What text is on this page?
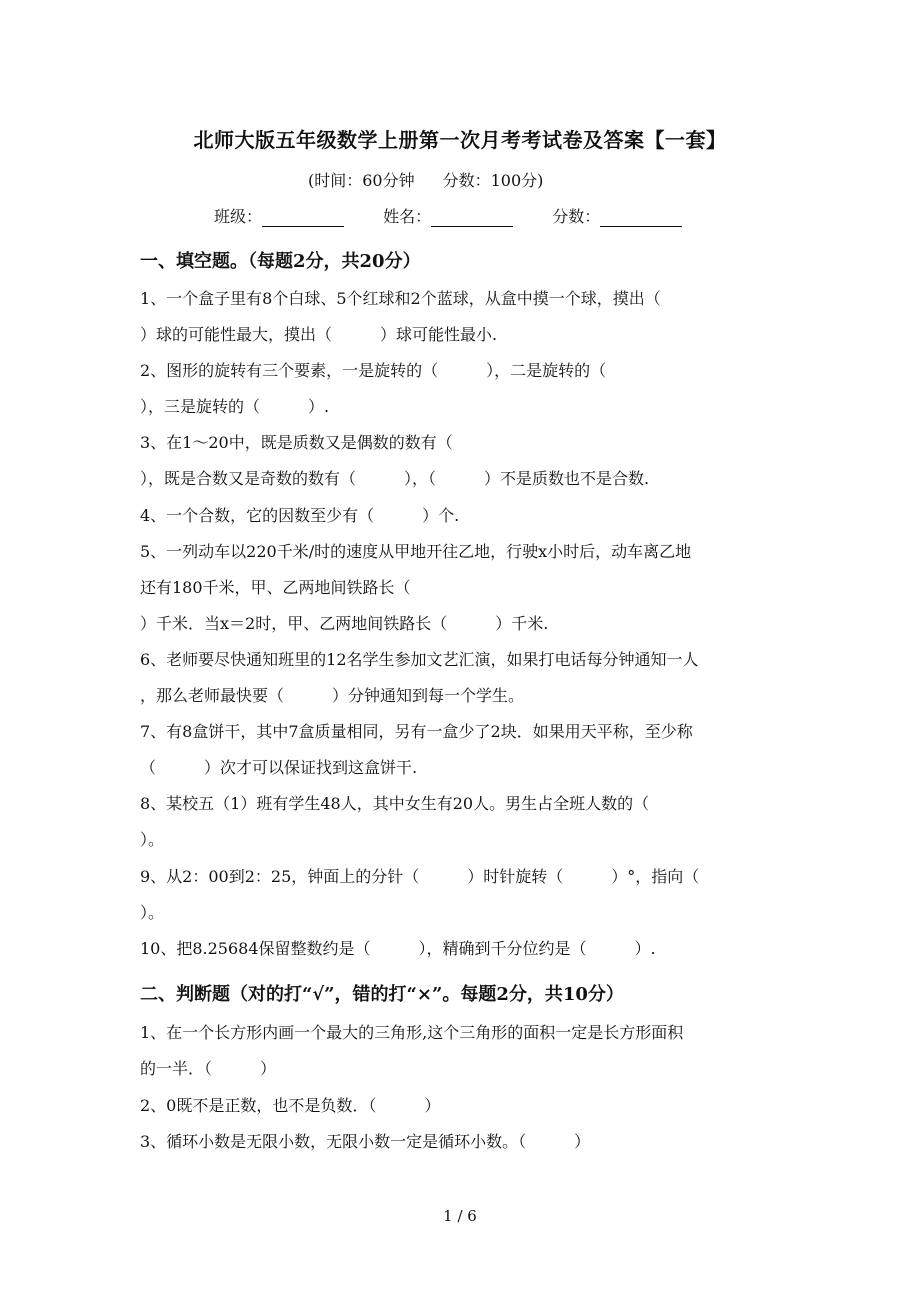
北师大版五年级数学上册第一次月考考试卷及答案【一套】
(时间：60分钟 分数：100分)
班级：	姓名：	分数：
一、填空题。（每题2分，共20分）
1、一个盒子里有8个白球、5个红球和2个蓝球，从盒中摸一个球，摸出（
）球的可能性最大，摸出（　　　）球可能性最小.
2、图形的旋转有三个要素，一是旋转的（　　　），二是旋转的（
），三是旋转的（　　　）.
3、在1～20中，既是质数又是偶数的数有（
），既是合数又是奇数的数有（　　　），（　　　）不是质数也不是合数.
4、一个合数，它的因数至少有（　　　）个.
5、一列动车以220千米/时的速度从甲地开往乙地，行驶x小时后，动车离乙地
还有180千米，甲、乙两地间铁路长（
）千米．当x＝2时，甲、乙两地间铁路长（　　　）千米.
6、老师要尽快通知班里的12名学生参加文艺汇演，如果打电话每分钟通知一人
，那么老师最快要（　　　）分钟通知到每一个学生。
7、有8盒饼干，其中7盒质量相同，另有一盒少了2块．如果用天平称，至少称
（　　　）次才可以保证找到这盒饼干.
8、某校五（1）班有学生48人，其中女生有20人。男生占全班人数的（
）。
9、从2：00到2：25，钟面上的分针（　　　）时针旋转（　　　）°，指向（
）。
10、把8.25684保留整数约是（　　　），精确到千分位约是（　　　）.
二、判断题（对的打“√”，错的打“×”。每题2分，共10分）
1、在一个长方形内画一个最大的三角形,这个三角形的面积一定是长方形面积
的一半．（　　　）
2、0既不是正数，也不是负数．（　　　）
3、循环小数是无限小数，无限小数一定是循环小数。（　　　）
1 / 6
